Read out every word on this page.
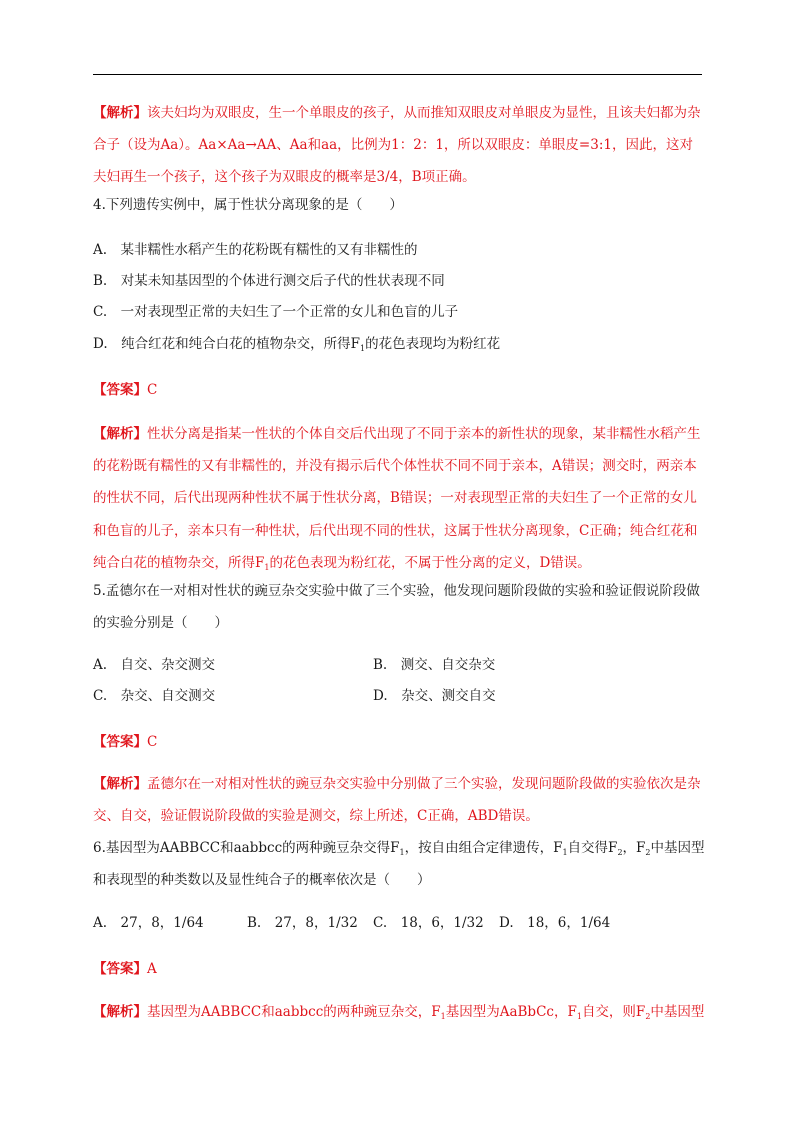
【解析】该夫妇均为双眼皮，生一个单眼皮的孩子，从而推知双眼皮对单眼皮为显性，且该夫妇都为杂合子（设为Aa）。Aa×Aa→AA、Aa和aa，比例为1：2：1，所以双眼皮：单眼皮=3:1，因此，这对夫妇再生一个孩子，这个孩子为双眼皮的概率是3/4，B项正确。

4.下列遗传实例中，属于性状分离现象的是（　　）

A.　某非糯性水稻产生的花粉既有糯性的又有非糯性的

B.　对某未知基因型的个体进行测交后子代的性状表现不同

C.　一对表现型正常的夫妇生了一个正常的女儿和色盲的儿子

D.　纯合红花和纯合白花的植物杂交，所得$F_1$的花色表现均为粉红花

【答案】C

【解析】性状分离是指某一性状的个体自交后代出现了不同于亲本的新性状的现象，某非糯性水稻产生的花粉既有糯性的又有非糯性的，并没有揭示后代个体性状不同不同于亲本，A错误；测交时，两亲本的性状不同，后代出现两种性状不属于性状分离，B错误；一对表现型正常的夫妇生了一个正常的女儿和色盲的儿子，亲本只有一种性状，后代出现不同的性状，这属于性状分离现象，C正确；纯合红花和纯合白花的植物杂交，所得$F_1$的花色表现为粉红花，不属于性分离的定义，D错误。

5.孟德尔在一对相对性状的豌豆杂交实验中做了三个实验，他发现问题阶段做的实验和验证假说阶段做的实验分别是（　　）

A.　自交、杂交测交	B.　测交、自交杂交

C.　杂交、自交测交	D.　杂交、测交自交

【答案】C

【解析】孟德尔在一对相对性状的豌豆杂交实验中分别做了三个实验，发现问题阶段做的实验依次是杂交、自交，验证假说阶段做的实验是测交，综上所述，C正确，ABD错误。

6.基因型为AABBCC和aabbcc的两种豌豆杂交得$F_1$，按自由组合定律遗传，$F_1$自交得$F_2$，$F_2$中基因型和表现型的种类数以及显性纯合子的概率依次是（　　）

A.　27，8，1/64	B.　27，8，1/32 C.　18，6，1/32 D.　18，6，1/64

【答案】A

【解析】基因型为AABBCC和aabbcc的两种豌豆杂交，$F_1$基因型为AaBbCc，$F_1$自交，则$F_2$中基因型
